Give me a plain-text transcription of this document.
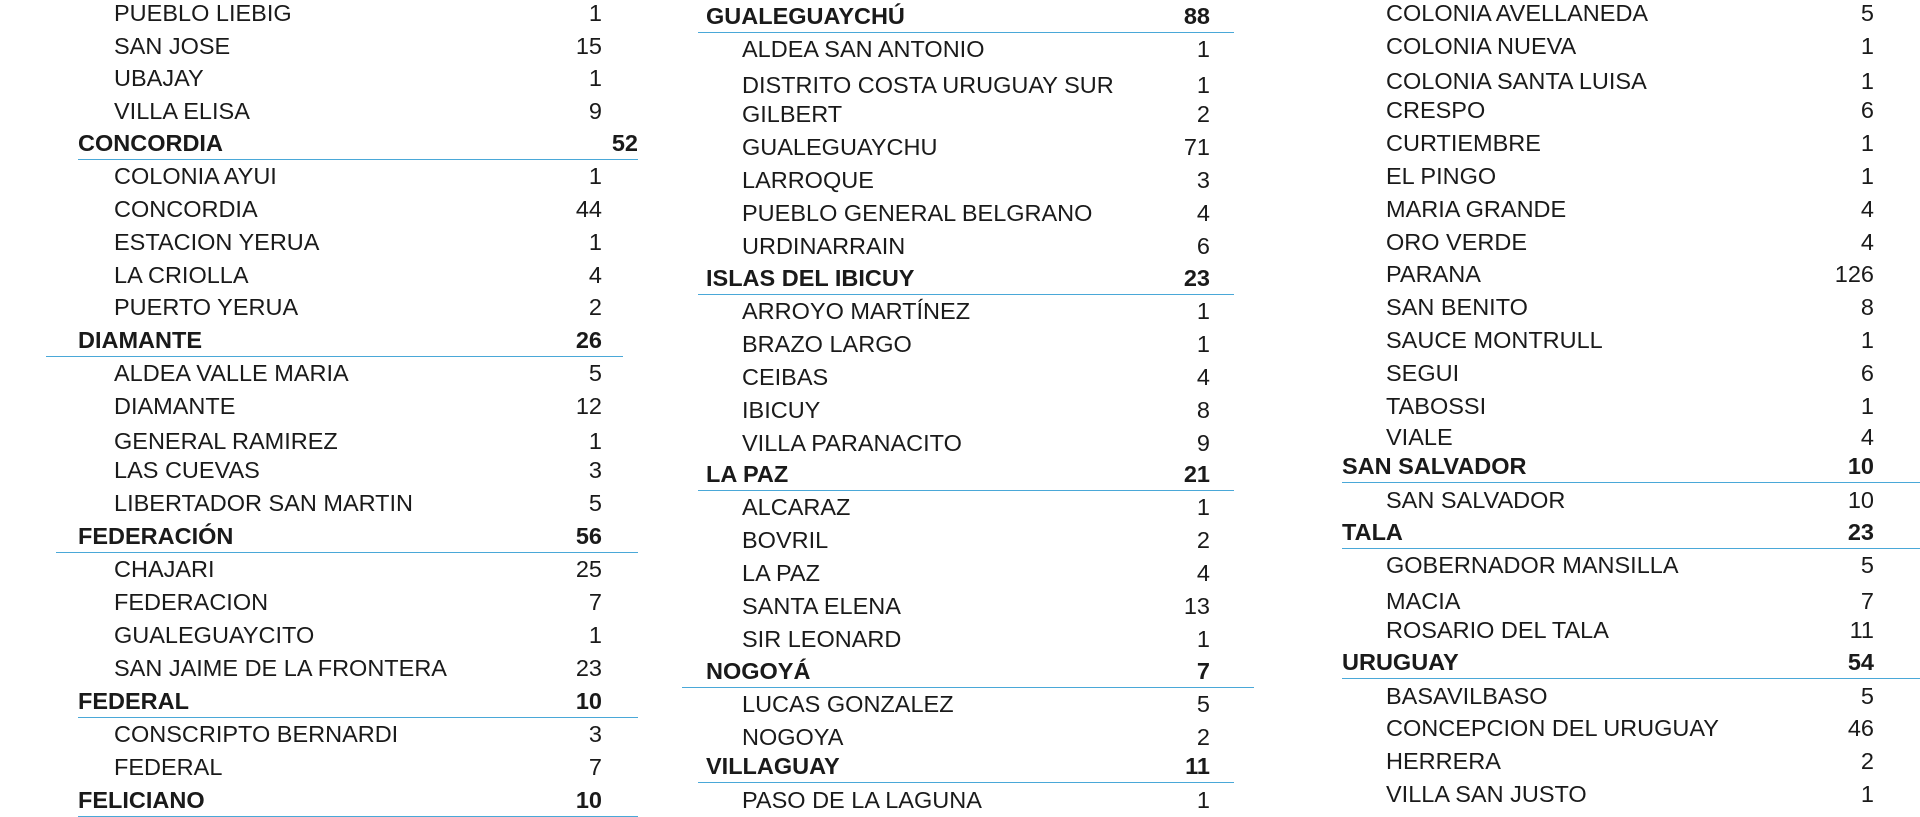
PUEBLO LIEBIG	1
SAN JOSE	15
UBAJAY	1
VILLA ELISA	9
CONCORDIA	52
COLONIA AYUI	1
CONCORDIA	44
ESTACION YERUA	1
LA CRIOLLA	4
PUERTO YERUA	2
DIAMANTE	26
ALDEA VALLE MARIA	5
DIAMANTE	12
GENERAL RAMIREZ	1
LAS CUEVAS	3
LIBERTADOR SAN MARTIN	5
FEDERACIÓN	56
CHAJARI	25
FEDERACION	7
GUALEGUAYCITO	1
SAN JAIME DE LA FRONTERA	23
FEDERAL	10
CONSCRIPTO BERNARDI	3
FEDERAL	7
FELICIANO	10
GUALEGUAYCHÚ	88
ALDEA SAN ANTONIO	1
DISTRITO COSTA URUGUAY SUR	1
GILBERT	2
GUALEGUAYCHU	71
LARROQUE	3
PUEBLO GENERAL BELGRANO	4
URDINARRAIN	6
ISLAS DEL IBICUY	23
ARROYO MARTÍNEZ	1
BRAZO LARGO	1
CEIBAS	4
IBICUY	8
VILLA PARANACITO	9
LA PAZ	21
ALCARAZ	1
BOVRIL	2
LA PAZ	4
SANTA ELENA	13
SIR LEONARD	1
NOGOYÁ	7
LUCAS GONZALEZ	5
NOGOYA	2
VILLAGUAY	11
PASO DE LA LAGUNA	1
COLONIA AVELLANEDA	5
COLONIA NUEVA	1
COLONIA SANTA LUISA	1
CRESPO	6
CURTIEMBRE	1
EL PINGO	1
MARIA GRANDE	4
ORO VERDE	4
PARANA	126
SAN BENITO	8
SAUCE MONTRULL	1
SEGUI	6
TABOSSI	1
VIALE	4
SAN SALVADOR	10
SAN SALVADOR	10
TALA	23
GOBERNADOR MANSILLA	5
MACIA	7
ROSARIO DEL TALA	11
URUGUAY	54
BASAVILBASO	5
CONCEPCION DEL URUGUAY	46
HERRERA	2
VILLA SAN JUSTO	1
